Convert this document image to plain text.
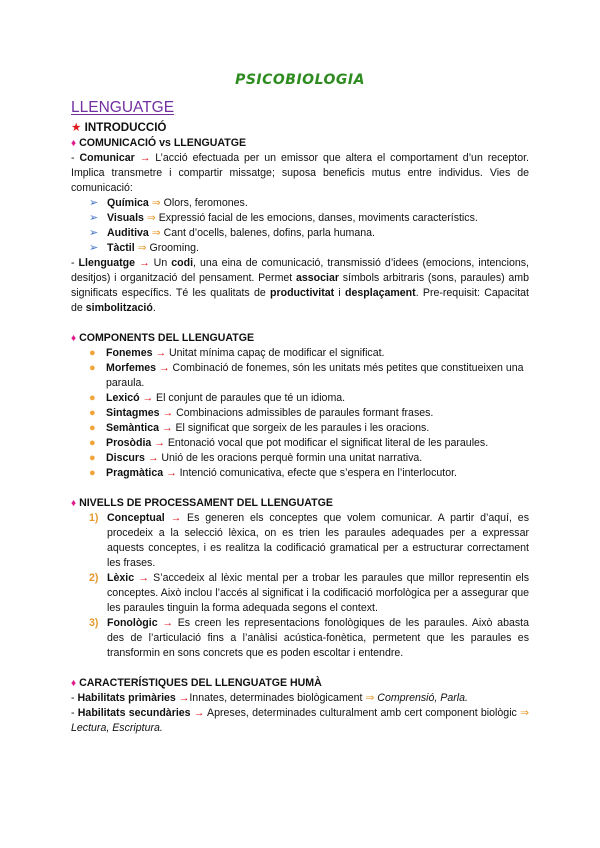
PSICOBIOLOGIA
LLENGUATGE
★ INTRODUCCIÓ
♦ COMUNICACIÓ vs LLENGUATGE

- Comunicar → L’acció efectuada per un emissor que altera el comportament d’un receptor. Implica transmetre i compartir missatge; suposa beneficis mutus entre individus. Vies de comunicació:

➢ Química ⇒ Olors, feromones.
➢ Visuals ⇒ Expressió facial de les emocions, danses, moviments característics.
➢ Auditiva ⇒ Cant d’ocells, balenes, dofins, parla humana.
➢ Tàctil ⇒ Grooming.

- Llenguatge → Un codi, una eina de comunicació, transmissió d’idees (emocions, intencions, desitjos) i organització del pensament. Permet associar símbols arbitraris (sons, paraules) amb significats específics. Té les qualitats de productivitat i desplaçament. Pre-requisit: Capacitat de simbolització.

♦ COMPONENTS DEL LLENGUATGE
● Fonemes → Unitat mínima capaç de modificar el significat.
● Morfemes → Combinació de fonemes, són les unitats més petites que constitueixen una paraula.
● Lexicó → El conjunt de paraules que té un idioma.
● Sintagmes → Combinacions admissibles de paraules formant frases.
● Semàntica → El significat que sorgeix de les paraules i les oracions.
● Prosòdia → Entonació vocal que pot modificar el significat literal de les paraules.
● Discurs → Unió de les oracions perquè formin una unitat narrativa.
● Pragmàtica → Intenció comunicativa, efecte que s’espera en l’interlocutor.
♦ NIVELLS DE PROCESSAMENT DEL LLENGUATGE
1) Conceptual → Es generen els conceptes que volem comunicar. A partir d’aquí, es procedeix a la selecció lèxica, on es trien les paraules adequades per a expressar aquests conceptes, i es realitza la codificació gramatical per a estructurar correctament les frases.
2) Lèxic → S’accedeix al lèxic mental per a trobar les paraules que millor representin els conceptes. Això inclou l’accés al significat i la codificació morfològica per a assegurar que les paraules tinguin la forma adequada segons el context.
3) Fonològic → Es creen les representacions fonològiques de les paraules. Això abasta des de l’articulació fins a l’anàlisi acústica-fonètica, permetent que les paraules es transformin en sons concrets que es poden escoltar i entendre.
♦ CARACTERÍSTIQUES DEL LLENGUATGE HUMÀ

- Habilitats primàries →Innates, determinades biològicament ⇒ Comprensió, Parla.

- Habilitats secundàries → Apreses, determinades culturalment amb cert component biològic ⇒ Lectura, Escriptura.
